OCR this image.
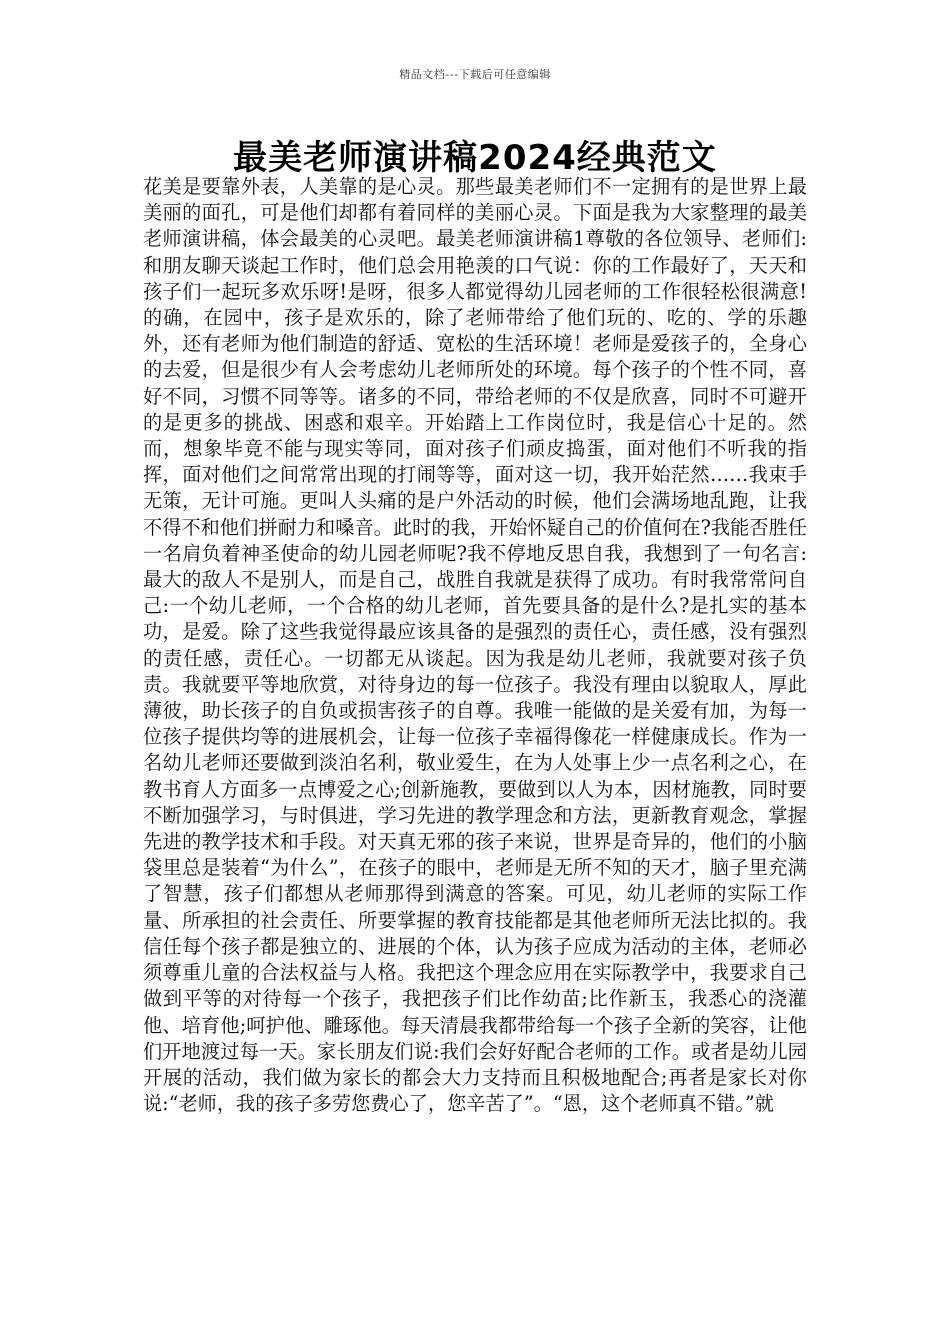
精品文档---下载后可任意编辑
最美老师演讲稿2024经典范文
花美是要靠外表，人美靠的是心灵。那些最美老师们不一定拥有的是世界上最美丽的面孔，可是他们却都有着同样的美丽心灵。下面是我为大家整理的最美老师演讲稿，体会最美的心灵吧。最美老师演讲稿1尊敬的各位领导、老师们:和朋友聊天谈起工作时，他们总会用艳羡的口气说：你的工作最好了，天天和孩子们一起玩多欢乐呀!是呀，很多人都觉得幼儿园老师的工作很轻松很满意!的确，在园中，孩子是欢乐的，除了老师带给了他们玩的、吃的、学的乐趣外，还有老师为他们制造的舒适、宽松的生活环境！老师是爱孩子的，全身心的去爱，但是很少有人会考虑幼儿老师所处的环境。每个孩子的个性不同，喜好不同，习惯不同等等。诸多的不同，带给老师的不仅是欣喜，同时不可避开的是更多的挑战、困惑和艰辛。开始踏上工作岗位时，我是信心十足的。然而，想象毕竟不能与现实等同，面对孩子们顽皮捣蛋，面对他们不听我的指挥，面对他们之间常常出现的打闹等等，面对这一切，我开始茫然……我束手无策，无计可施。更叫人头痛的是户外活动的时候，他们会满场地乱跑，让我不得不和他们拼耐力和嗓音。此时的我，开始怀疑自己的价值何在?我能否胜任一名肩负着神圣使命的幼儿园老师呢?我不停地反思自我，我想到了一句名言:最大的敌人不是别人，而是自己，战胜自我就是获得了成功。有时我常常问自己:一个幼儿老师，一个合格的幼儿老师，首先要具备的是什么?是扎实的基本功，是爱。除了这些我觉得最应该具备的是强烈的责任心，责任感，没有强烈的责任感，责任心。一切都无从谈起。因为我是幼儿老师，我就要对孩子负责。我就要平等地欣赏，对待身边的每一位孩子。我没有理由以貌取人，厚此薄彼，助长孩子的自负或损害孩子的自尊。我唯一能做的是关爱有加，为每一位孩子提供均等的进展机会，让每一位孩子幸福得像花一样健康成长。作为一名幼儿老师还要做到淡泊名利，敬业爱生，在为人处事上少一点名利之心，在教书育人方面多一点博爱之心;创新施教，要做到以人为本，因材施教，同时要不断加强学习，与时俱进，学习先进的教学理念和方法，更新教育观念，掌握先进的教学技术和手段。对天真无邪的孩子来说，世界是奇异的，他们的小脑袋里总是装着“为什么”，在孩子的眼中，老师是无所不知的天才，脑子里充满了智慧，孩子们都想从老师那得到满意的答案。可见，幼儿老师的实际工作量、所承担的社会责任、所要掌握的教育技能都是其他老师所无法比拟的。我信任每个孩子都是独立的、进展的个体，认为孩子应成为活动的主体，老师必须尊重儿童的合法权益与人格。我把这个理念应用在实际教学中，我要求自己做到平等的对待每一个孩子，我把孩子们比作幼苗;比作新玉，我悉心的浇灌他、培育他;呵护他、雕琢他。每天清晨我都带给每一个孩子全新的笑容，让他们开地渡过每一天。家长朋友们说:我们会好好配合老师的工作。或者是幼儿园开展的活动，我们做为家长的都会大力支持而且积极地配合;再者是家长对你说:“老师，我的孩子多劳您费心了，您辛苦了”。“恩，这个老师真不错。”就
